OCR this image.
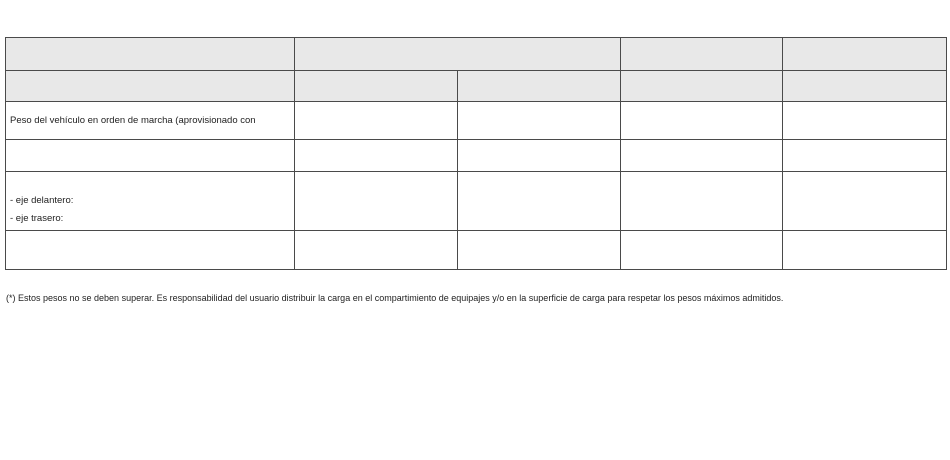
Peso del vehículo en orden de marcha (aprovisionado con				

- eje delantero:
- eje trasero:				

(*) Estos pesos no se deben superar. Es responsabilidad del usuario distribuir la carga en el compartimiento de equipajes y/o en la superficie de carga para respetar los pesos máximos admitidos.
